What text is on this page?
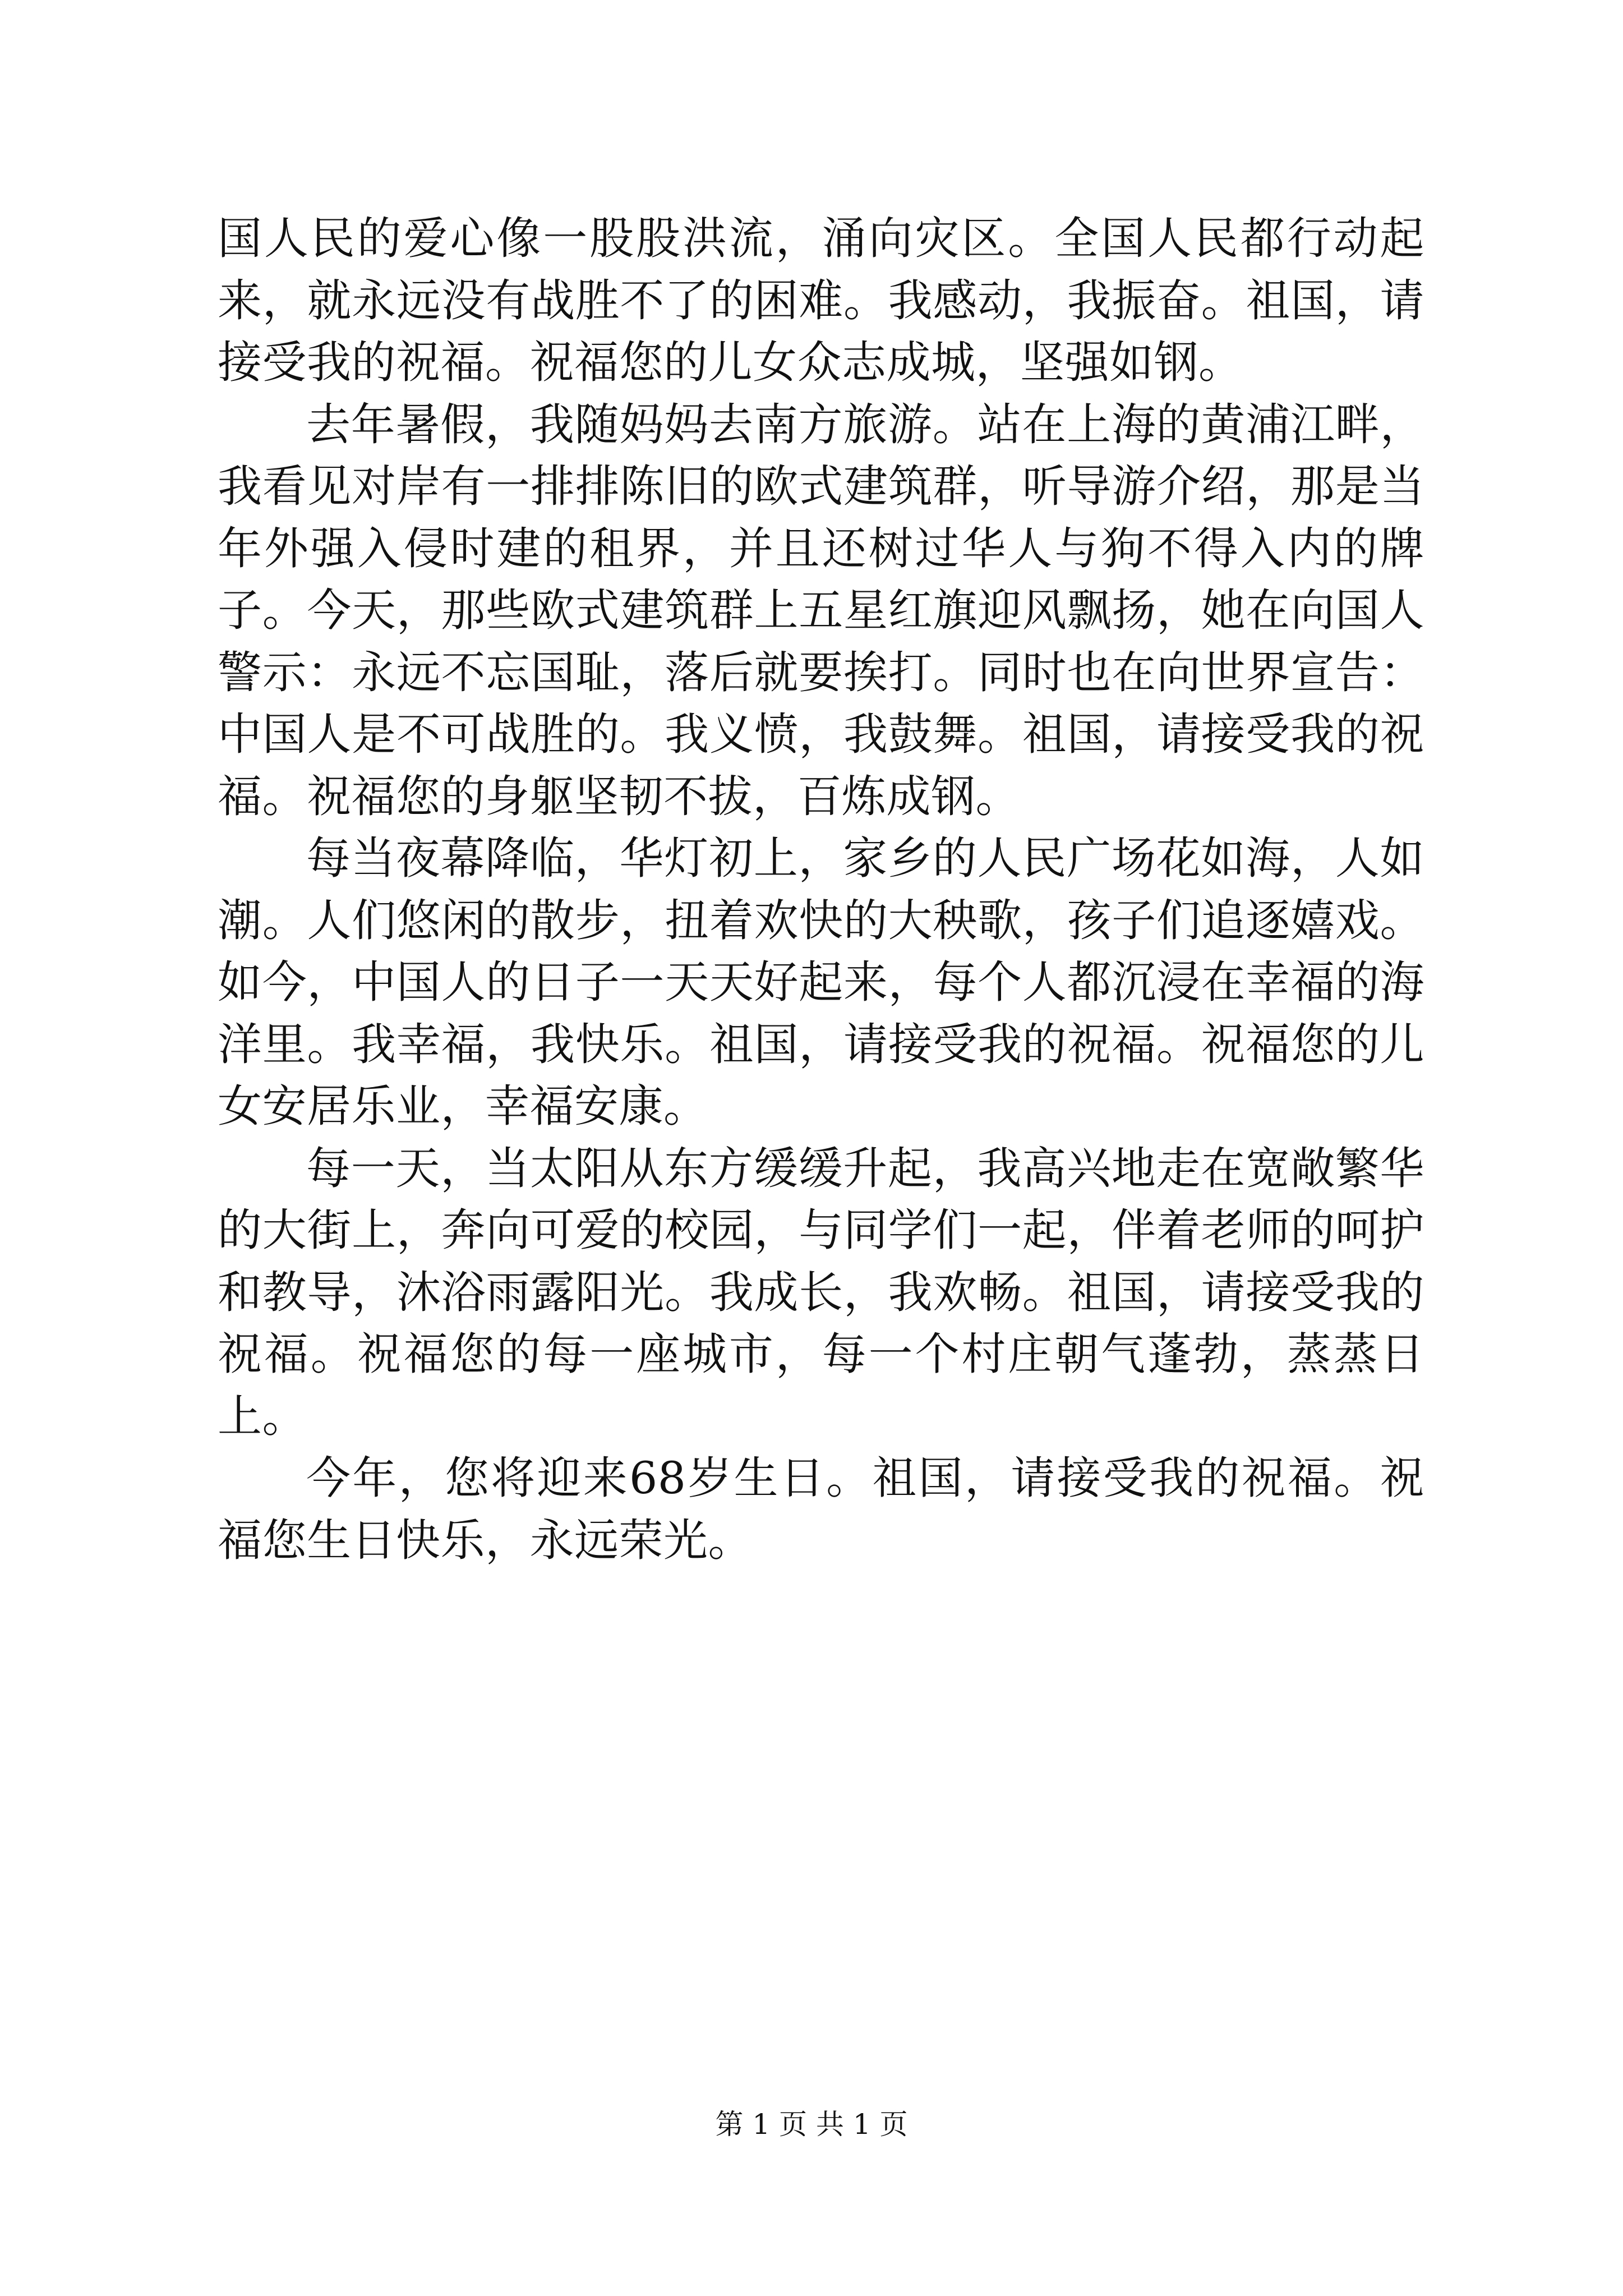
国人民的爱心像一股股洪流，涌向灾区。全国人民都行动起来，就永远没有战胜不了的困难。我感动，我振奋。祖国，请接受我的祝福。祝福您的儿女众志成城，坚强如钢。

去年暑假，我随妈妈去南方旅游。站在上海的黄浦江畔，我看见对岸有一排排陈旧的欧式建筑群，听导游介绍，那是当年外强入侵时建的租界，并且还树过华人与狗不得入内的牌子。今天，那些欧式建筑群上五星红旗迎风飘扬，她在向国人警示：永远不忘国耻，落后就要挨打。同时也在向世界宣告：中国人是不可战胜的。我义愤，我鼓舞。祖国，请接受我的祝福。祝福您的身躯坚韧不拔，百炼成钢。

每当夜幕降临，华灯初上，家乡的人民广场花如海，人如潮。人们悠闲的散步，扭着欢快的大秧歌，孩子们追逐嬉戏。如今，中国人的日子一天天好起来，每个人都沉浸在幸福的海洋里。我幸福，我快乐。祖国，请接受我的祝福。祝福您的儿女安居乐业，幸福安康。

每一天，当太阳从东方缓缓升起，我高兴地走在宽敞繁华的大街上，奔向可爱的校园，与同学们一起，伴着老师的呵护和教导，沐浴雨露阳光。我成长，我欢畅。祖国，请接受我的祝福。祝福您的每一座城市，每一个村庄朝气蓬勃，蒸蒸日上。

今年，您将迎来68岁生日。祖国，请接受我的祝福。祝福您生日快乐，永远荣光。

第 1 页 共 1 页
